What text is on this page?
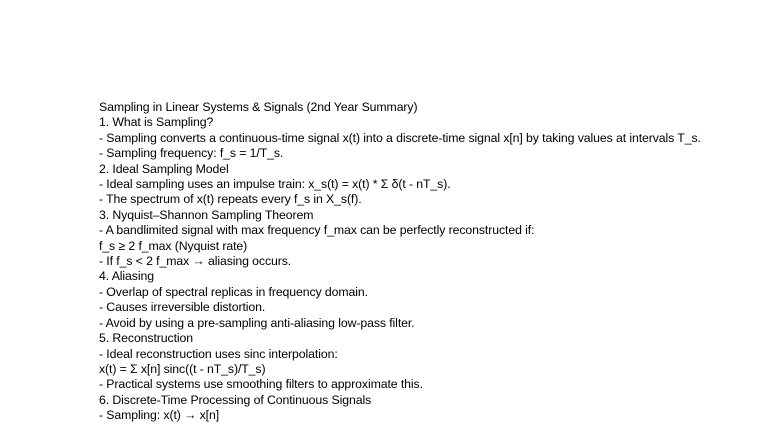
Sampling in Linear Systems & Signals (2nd Year Summary)

1. What is Sampling?

- Sampling converts a continuous-time signal x(t) into a discrete-time signal x[n] by taking values at intervals T_s.

- Sampling frequency: f_s = 1/T_s.

2. Ideal Sampling Model

- Ideal sampling uses an impulse train: x_s(t) = x(t) * Σ δ(t - nT_s).

- The spectrum of x(t) repeats every f_s in X_s(f).

3. Nyquist–Shannon Sampling Theorem

- A bandlimited signal with max frequency f_max can be perfectly reconstructed if:

f_s ≥ 2 f_max (Nyquist rate)

- If f_s < 2 f_max → aliasing occurs.

4. Aliasing

- Overlap of spectral replicas in frequency domain.

- Causes irreversible distortion.

- Avoid by using a pre-sampling anti-aliasing low-pass filter.

5. Reconstruction

- Ideal reconstruction uses sinc interpolation:

x(t) = Σ x[n] sinc((t - nT_s)/T_s)

- Practical systems use smoothing filters to approximate this.

6. Discrete-Time Processing of Continuous Signals

- Sampling: x(t) → x[n]
